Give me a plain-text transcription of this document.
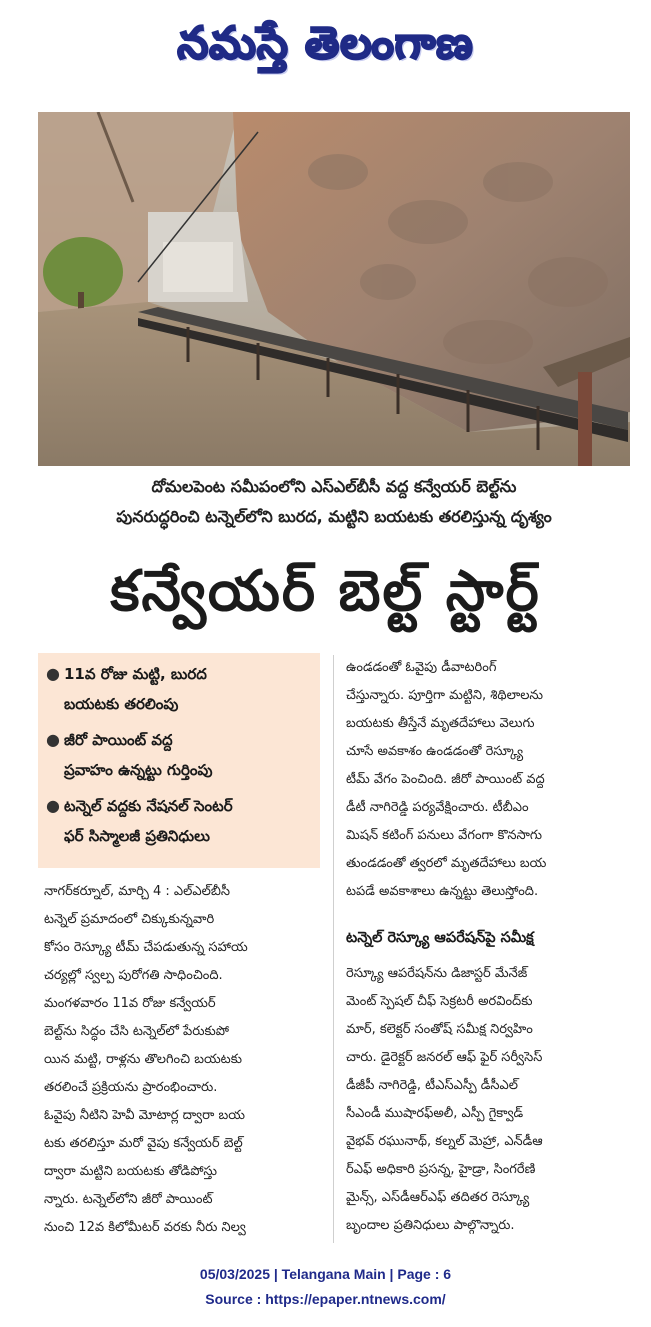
నమస్తే తెలంగాణ
దోమలపెంట సమీపంలోని ఎస్‌ఎల్‌బీసీ వద్ద కన్వేయర్ బెల్ట్‌ను
పునరుద్ధరించి టన్నెల్‌లోని బురద, మట్టిని బయటకు తరలిస్తున్న దృశ్యం
కన్వేయర్ బెల్ట్ స్టార్ట్
● 11వ రోజు మట్టి, బురద
బయటకు తరలింపు
● జీరో పాయింట్ వద్ద
ప్రవాహం ఉన్నట్టు గుర్తింపు
● టన్నెల్ వద్దకు నేషనల్ సెంటర్
ఫర్ సిస్మాలజీ ప్రతినిధులు
నాగర్‌కర్నూల్, మార్చి 4 : ఎల్‌ఎల్‌బీసీ
టన్నెల్ ప్రమాదంలో చిక్కుకున్నవారి
కోసం రెస్క్యూ టీమ్ చేపడుతున్న సహాయ
చర్యల్లో స్వల్ప పురోగతి సాధించింది.
మంగళవారం 11వ రోజు కన్వేయర్
బెల్ట్‌ను సిద్ధం చేసి టన్నెల్‌లో పేరుకుపో
యిన మట్టి, రాళ్లను తొలగించి బయటకు
తరలించే ప్రక్రియను ప్రారంభించారు.
ఓవైపు నీటిని హెవీ మోటార్ల ద్వారా బయ
టకు తరలిస్తూ మరో వైపు కన్వేయర్ బెల్ట్
ద్వారా మట్టిని బయటకు తోడిపోస్తు
న్నారు. టన్నెల్‌లోని జీరో పాయింట్
నుంచి 12వ కిలోమీటర్ వరకు నీరు నిల్వ
ఉండడంతో ఓవైపు డీవాటరింగ్
చేస్తున్నారు. పూర్తిగా మట్టిని, శిథిలాలను
బయటకు తీస్తేనే మృతదేహాలు వెలుగు
చూసే అవకాశం ఉండడంతో రెస్క్యూ
టీమ్ వేగం పెంచింది. జీరో పాయింట్ వద్ద
డీటీ నాగిరెడ్డి పర్యవేక్షించారు. టీబీఎం
మిషన్ కటింగ్ పనులు వేగంగా కొనసాగు
తుండడంతో త్వరలో మృతదేహాలు బయ
టపడే అవకాశాలు ఉన్నట్టు తెలుస్తోంది.
టన్నెల్ రెస్క్యూ ఆపరేషన్‌పై సమీక్ష
రెస్క్యూ ఆపరేషన్‌ను డిజాస్టర్ మేనేజ్
మెంట్ స్పెషల్ చీఫ్ సెక్రటరీ అరవింద్‌కు
మార్, కలెక్టర్ సంతోష్ సమీక్ష నిర్వహిం
చారు. డైరెక్టర్ జనరల్ ఆఫ్ ఫైర్ సర్వీసెస్
డీజీపీ నాగిరెడ్డి, టీఎస్‌ఎస్పీ డీసీఎల్
సీఎండీ ముషారఫ్‌అలీ, ఎస్పీ గైక్వాడ్
వైభవ్ రఘునాథ్, కల్నల్ మెహ్రా, ఎన్‌డీఆ
ర్‌ఎఫ్ అధికారి ప్రసన్న, హైడ్రా, సింగరేణి
మైన్స్, ఎస్‌డీఆర్‌ఎఫ్ తదితర రెస్క్యూ
బృందాల ప్రతినిధులు పాల్గొన్నారు.
05/03/2025 | Telangana Main | Page : 6
Source : https://epaper.ntnews.com/
